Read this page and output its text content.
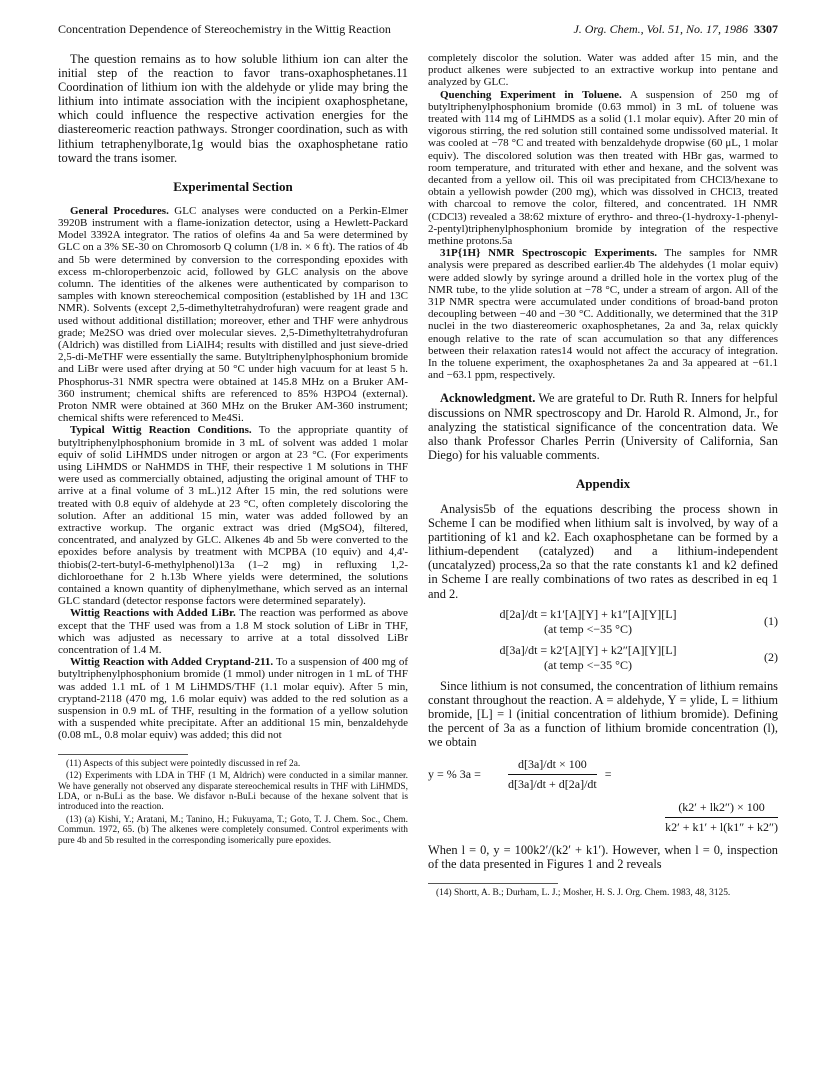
Concentration Dependence of Stereochemistry in the Wittig Reaction	J. Org. Chem., Vol. 51, No. 17, 1986 3307

The question remains as to how soluble lithium ion can alter the initial step of the reaction to favor trans-oxaphosphetanes.11 Coordination of lithium ion with the aldehyde or ylide may bring the lithium into intimate association with the incipient oxaphosphetane, which could influence the respective activation energies for the diastereomeric reaction pathways. Stronger coordination, such as with lithium tetraphenylborate,1g would bias the oxaphosphetane ratio toward the trans isomer.

Experimental Section

General Procedures. GLC analyses were conducted on a Perkin-Elmer 3920B instrument with a flame-ionization detector, using a Hewlett-Packard Model 3392A integrator. The ratios of olefins 4a and 5a were determined by GLC on a 3% SE-30 on Chromosorb Q column (1/8 in. × 6 ft). The ratios of 4b and 5b were determined by conversion to the corresponding epoxides with excess m-chloroperbenzoic acid, followed by GLC analysis on the above column. The identities of the alkenes were authenticated by comparison to samples with known stereochemical composition (established by 1H and 13C NMR). Solvents (except 2,5-dimethyltetrahydrofuran) were reagent grade and used without additional distillation; moreover, ether and THF were anhydrous grade; Me2SO was dried over molecular sieves. 2,5-Dimethyltetrahydrofuran (Aldrich) was distilled from LiAlH4; results with distilled and just sieve-dried 2,5-di-MeTHF were essentially the same. Butyltriphenylphosphonium bromide and LiBr were used after drying at 50 °C under high vacuum for at least 5 h. Phosphorus-31 NMR spectra were obtained at 145.8 MHz on a Bruker AM-360 instrument; chemical shifts are referenced to 85% H3PO4 (external). Proton NMR were obtained at 360 MHz on the Bruker AM-360 instrument; chemical shifts were referenced to Me4Si.

Typical Wittig Reaction Conditions. To the appropriate quantity of butyltriphenylphosphonium bromide in 3 mL of solvent was added 1 molar equiv of solid LiHMDS under nitrogen or argon at 23 °C. (For experiments using LiHMDS or NaHMDS in THF, their respective 1 M solutions in THF were used as commercially obtained, adjusting the original amount of THF to arrive at a final volume of 3 mL.)12 After 15 min, the red solutions were treated with 0.8 equiv of aldehyde at 23 °C, often completely discoloring the solution. After an additional 15 min, water was added followed by an extractive workup. The organic extract was dried (MgSO4), filtered, concentrated, and analyzed by GLC. Alkenes 4b and 5b were converted to the epoxides before analysis by treatment with MCPBA (10 equiv) and 4,4'-thiobis(2-tert-butyl-6-methylphenol)13a (1–2 mg) in refluxing 1,2-dichloroethane for 2 h.13b Where yields were determined, the solutions contained a known quantity of diphenylmethane, which served as an internal GLC standard (detector response factors were determined separately).

Wittig Reactions with Added LiBr. The reaction was performed as above except that the THF used was from a 1.8 M stock solution of LiBr in THF, which was adjusted as necessary to arrive at a total dissolved LiBr concentration of 1.4 M.

Wittig Reaction with Added Cryptand-211. To a suspension of 400 mg of butyltriphenylphosphonium bromide (1 mmol) under nitrogen in 1 mL of THF was added 1.1 mL of 1 M LiHMDS/THF (1.1 molar equiv). After 5 min, cryptand-2118 (470 mg, 1.6 molar equiv) was added to the red solution as a suspension in 0.9 mL of THF, resulting in the formation of a yellow solution with a suspended white precipitate. After an additional 15 min, benzaldehyde (0.08 mL, 0.8 molar equiv) was added; this did not

(11) Aspects of this subject were pointedly discussed in ref 2a.
(12) Experiments with LDA in THF (1 M, Aldrich) were conducted in a similar manner. We have generally not observed any disparate stereochemical results in THF with LiHMDS, LDA, or n-BuLi as the base. We disfavor n-BuLi because of the hexane solvent that is introduced into the reaction.
(13) (a) Kishi, Y.; Aratani, M.; Tanino, H.; Fukuyama, T.; Goto, T. J. Chem. Soc., Chem. Commun. 1972, 65. (b) The alkenes were completely consumed. Control experiments with pure 4b and 5b resulted in the corresponding isomerically pure epoxides.

completely discolor the solution. Water was added after 15 min, and the product alkenes were subjected to an extractive workup into pentane and analyzed by GLC.

Quenching Experiment in Toluene. A suspension of 250 mg of butyltriphenylphosphonium bromide (0.63 mmol) in 3 mL of toluene was treated with 114 mg of LiHMDS as a solid (1.1 molar equiv). After 20 min of vigorous stirring, the red solution still contained some undissolved material. It was cooled at −78 °C and treated with benzaldehyde dropwise (60 μL, 1 molar equiv). The discolored solution was then treated with HBr gas, warmed to room temperature, and triturated with ether and hexane, and the solvent was decanted from a yellow oil. This oil was precipitated from CHCl3/hexane to obtain a yellowish powder (200 mg), which was dissolved in CHCl3, treated with charcoal to remove the color, filtered, and concentrated. 1H NMR (CDCl3) revealed a 38:62 mixture of erythro- and threo-(1-hydroxy-1-phenyl-2-pentyl)triphenylphosphonium bromide by integration of the respective methine protons.5a

31P{1H} NMR Spectroscopic Experiments. The samples for NMR analysis were prepared as described earlier.4b The aldehydes (1 molar equiv) were added slowly by syringe around a drilled hole in the vortex plug of the NMR tube, to the ylide solution at −78 °C, under a stream of argon. All of the 31P NMR spectra were accumulated under conditions of broad-band proton decoupling between −40 and −30 °C. Additionally, we determined that the 31P nuclei in the two diastereomeric oxaphosphetanes, 2a and 3a, relax quickly enough relative to the rate of scan accumulation so that any differences between their relaxation rates14 would not affect the accuracy of integration. In the toluene experiment, the oxaphosphetanes 2a and 3a appeared at −61.1 and −63.1 ppm, respectively.

Acknowledgment. We are grateful to Dr. Ruth R. Inners for helpful discussions on NMR spectroscopy and Dr. Harold R. Almond, Jr., for analyzing the statistical significance of the concentration data. We also thank Professor Charles Perrin (University of California, San Diego) for his valuable comments.

Appendix

Analysis5b of the equations describing the process shown in Scheme I can be modified when lithium salt is involved, by way of a partitioning of k1 and k2. Each oxaphosphetane can be formed by a lithium-dependent (catalyzed) and a lithium-independent (uncatalyzed) process,2a so that the rate constants k1 and k2 defined in Scheme I are really combinations of two rates as described in eq 1 and 2.

d[2a]/dt = k1′[A][Y] + k1″[A][Y][L]
(at temp <−35 °C)
(1)
d[3a]/dt = k2′[A][Y] + k2″[A][Y][L]
(at temp <−35 °C)
(2)

Since lithium is not consumed, the concentration of lithium remains constant throughout the reaction. A = aldehyde, Y = ylide, L = lithium bromide, [L] = l (initial concentration of lithium bromide). Defining the percent of 3a as a function of lithium bromide concentration (l), we obtain

y = % 3a =	$\frac{d[3a]/dt \times 100}{d[3a]/dt + d[2a]/dt}$ =
$\frac{(k2' + lk2'') \times 100}{k2' + k1' + l(k1'' + k2'')}$

When l = 0, y = 100k2′/(k2′ + k1′). However, when l = 0, inspection of the data presented in Figures 1 and 2 reveals

(14) Shortt, A. B.; Durham, L. J.; Mosher, H. S. J. Org. Chem. 1983, 48, 3125.
